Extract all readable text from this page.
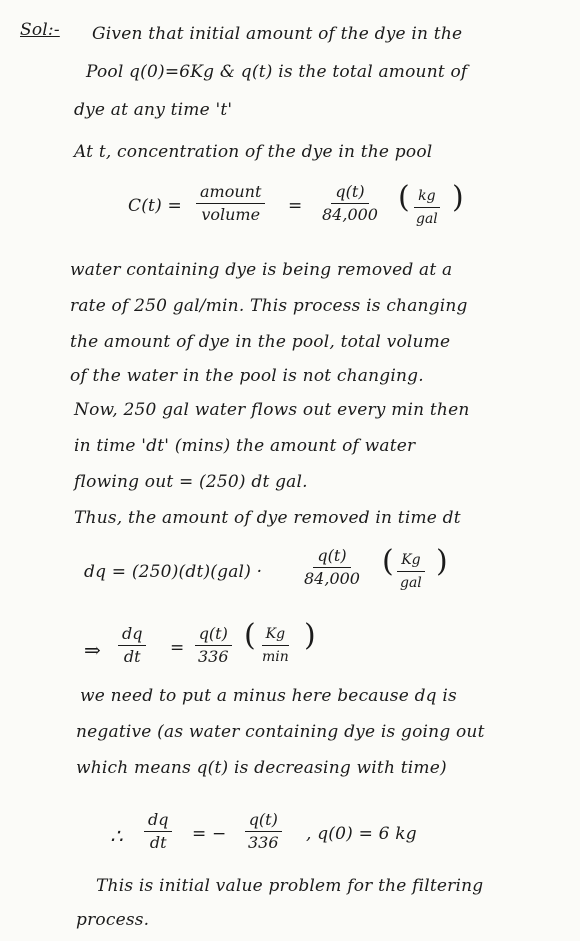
Sol:- Given that initial amount of the dye in the
Pool q(0)=6Kg & q(t) is the total amount of
dye at any time 't'
At t, concentration of the dye in the pool
C(t) =
amount
volume = $\frac{q(t)}{84,000}$ ( kg
gal
)
water containing dye is being removed at a
rate of 250 gal/min. This process is changing
the amount of dye in the pool, total volume
of the water in the pool is not changing.
Now, 250 gal water flows out every min then
in time 'dt' (mins) the amount of water
flowing out = (250) dt gal.
Thus, the amount of dye removed in time dt
dq = $(250)(dt)(gal) \cdot \frac{q(t)}{84,000}$ ( Kg
gal
)
⇒ $\frac{dq}{dt} = \frac{q(t)}{336}$ ( Kg
min
)
we need to put a minus here because dq is
negative (as water containing dye is going out
which means q(t) is decreasing with time)
∴ $\frac{dq}{dt}$ = − $\frac{q(t)}{336}$ , q(0) = 6 kg
This is initial value problem for the filtering
process.
